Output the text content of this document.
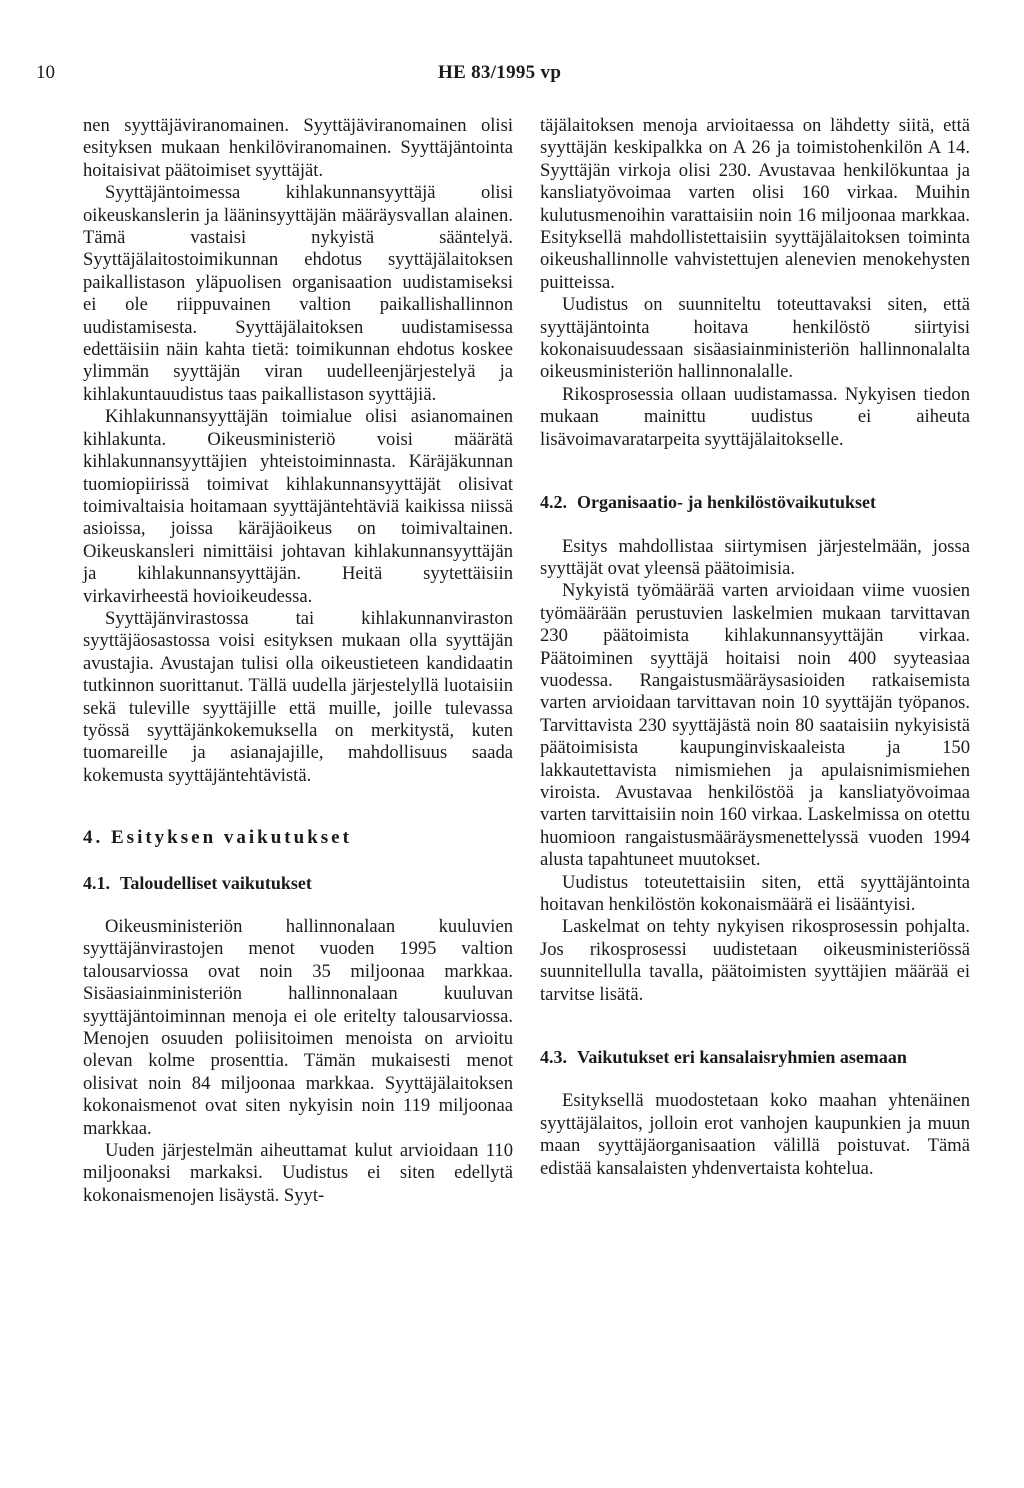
10	HE 83/1995 vp

nen syyttäjäviranomainen. Syyttäjäviranomainen olisi esityksen mukaan henkilöviranomainen. Syyttäjäntointa hoitaisivat päätoimiset syyttäjät.

Syyttäjäntoimessa kihlakunnansyyttäjä olisi oikeuskanslerin ja lääninsyyttäjän määräysvallan alainen. Tämä vastaisi nykyistä sääntelyä. Syyttäjälaitostoimikunnan ehdotus syyttäjälaitoksen paikallistason yläpuolisen organisaation uudistamiseksi ei ole riippuvainen valtion paikallishallinnon uudistamisesta. Syyttäjälaitoksen uudistamisessa edettäisiin näin kahta tietä: toimikunnan ehdotus koskee ylimmän syyttäjän viran uudelleenjärjestelyä ja kihlakuntauudistus taas paikallistason syyttäjiä.

Kihlakunnansyyttäjän toimialue olisi asianomainen kihlakunta. Oikeusministeriö voisi määrätä kihlakunnansyyttäjien yhteistoiminnasta. Käräjäkunnan tuomiopiirissä toimivat kihlakunnansyyttäjät olisivat toimivaltaisia hoitamaan syyttäjäntehtäviä kaikissa niissä asioissa, joissa käräjäoikeus on toimivaltainen. Oikeuskansleri nimittäisi johtavan kihlakunnansyyttäjän ja kihlakunnansyyttäjän. Heitä syytettäisiin virkavirheestä hovioikeudessa.

Syyttäjänvirastossa tai kihlakunnanviraston syyttäjäosastossa voisi esityksen mukaan olla syyttäjän avustajia. Avustajan tulisi olla oikeustieteen kandidaatin tutkinnon suorittanut. Tällä uudella järjestelyllä luotaisiin sekä tuleville syyttäjille että muille, joille tulevassa työssä syyttäjänkokemuksella on merkitystä, kuten tuomareille ja asianajajille, mahdollisuus saada kokemusta syyttäjäntehtävistä.

4. Esityksen vaikutukset

4.1. Taloudelliset vaikutukset

Oikeusministeriön hallinnonalaan kuuluvien syyttäjänvirastojen menot vuoden 1995 valtion talousarviossa ovat noin 35 miljoonaa markkaa. Sisäasiainministeriön hallinnonalaan kuuluvan syyttäjäntoiminnan menoja ei ole eritelty talousarviossa. Menojen osuuden poliisitoimen menoista on arvioitu olevan kolme prosenttia. Tämän mukaisesti menot olisivat noin 84 miljoonaa markkaa. Syyttäjälaitoksen kokonaismenot ovat siten nykyisin noin 119 miljoonaa markkaa.

Uuden järjestelmän aiheuttamat kulut arvioidaan 110 miljoonaksi markaksi. Uudistus ei siten edellytä kokonaismenojen lisäystä. Syyt-

täjälaitoksen menoja arvioitaessa on lähdetty siitä, että syyttäjän keskipalkka on A 26 ja toimistohenkilön A 14. Syyttäjän virkoja olisi 230. Avustavaa henkilökuntaa ja kansliatyövoimaa varten olisi 160 virkaa. Muihin kulutusmenoihin varattaisiin noin 16 miljoonaa markkaa. Esityksellä mahdollistettaisiin syyttäjälaitoksen toiminta oikeushallinnolle vahvistettujen alenevien menokehysten puitteissa.

Uudistus on suunniteltu toteuttavaksi siten, että syyttäjäntointa hoitava henkilöstö siirtyisi kokonaisuudessaan sisäasiainministeriön hallinnonalalta oikeusministeriön hallinnonalalle.

Rikosprosessia ollaan uudistamassa. Nykyisen tiedon mukaan mainittu uudistus ei aiheuta lisävoimavaratarpeita syyttäjälaitokselle.

4.2. Organisaatio- ja henkilöstövaikutukset

Esitys mahdollistaa siirtymisen järjestelmään, jossa syyttäjät ovat yleensä päätoimisia.

Nykyistä työmäärää varten arvioidaan viime vuosien työmäärään perustuvien laskelmien mukaan tarvittavan 230 päätoimista kihlakunnansyyttäjän virkaa. Päätoiminen syyttäjä hoitaisi noin 400 syyteasiaa vuodessa. Rangaistusmääräysasioiden ratkaisemista varten arvioidaan tarvittavan noin 10 syyttäjän työpanos. Tarvittavista 230 syyttäjästä noin 80 saataisiin nykyisistä päätoimisista kaupunginviskaaleista ja 150 lakkautettavista nimismiehen ja apulaisnimismiehen viroista. Avustavaa henkilöstöä ja kansliatyövoimaa varten tarvittaisiin noin 160 virkaa. Laskelmissa on otettu huomioon rangaistusmääräysmenettelyssä vuoden 1994 alusta tapahtuneet muutokset.

Uudistus toteutettaisiin siten, että syyttäjäntointa hoitavan henkilöstön kokonaismäärä ei lisääntyisi.

Laskelmat on tehty nykyisen rikosprosessin pohjalta. Jos rikosprosessi uudistetaan oikeusministeriössä suunnitellulla tavalla, päätoimisten syyttäjien määrää ei tarvitse lisätä.

4.3. Vaikutukset eri kansalaisryhmien asemaan

Esityksellä muodostetaan koko maahan yhtenäinen syyttäjälaitos, jolloin erot vanhojen kaupunkien ja muun maan syyttäjäorganisaation välillä poistuvat. Tämä edistää kansalaisten yhdenvertaista kohtelua.
